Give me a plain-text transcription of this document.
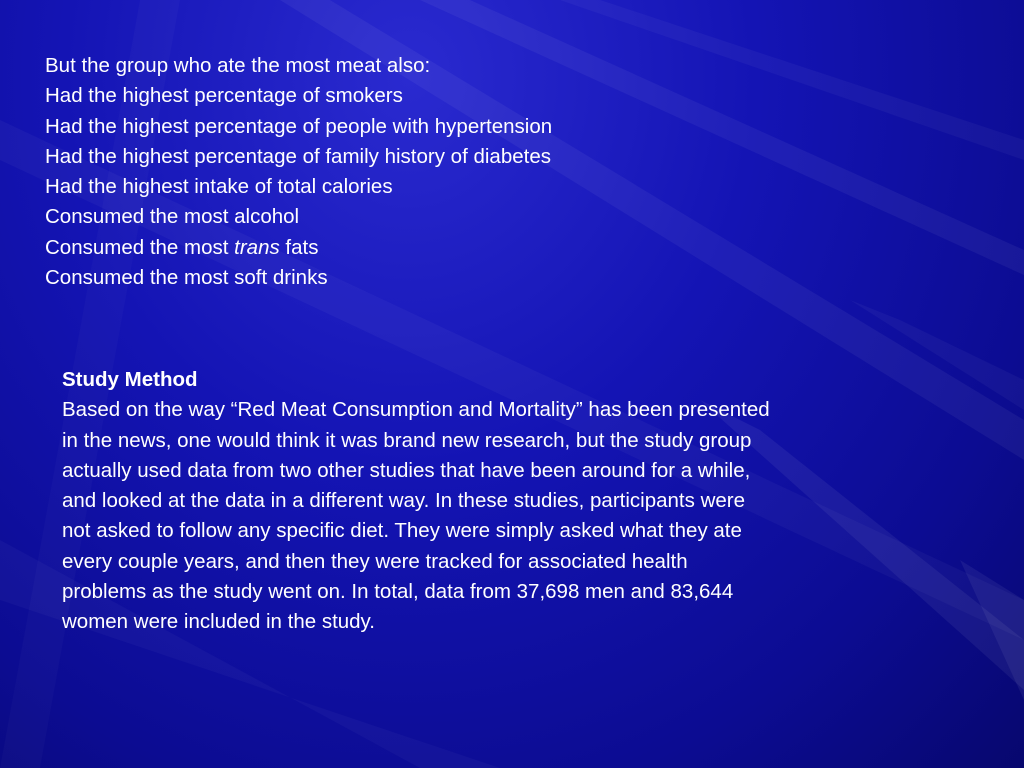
But the group who ate the most meat also:
Had the highest percentage of smokers
Had the highest percentage of people with hypertension
Had the highest percentage of family history of diabetes
Had the highest intake of total calories
Consumed the most alcohol
Consumed the most trans fats
Consumed the most soft drinks
Study Method
Based on the way “Red Meat Consumption and Mortality” has been presented
in the news, one would think it was brand new research, but the study group
actually used data from two other studies that have been around for a while,
and looked at the data in a different way. In these studies, participants were
not asked to follow any specific diet. They were simply asked what they ate
every couple years, and then they were tracked for associated health
problems as the study went on. In total, data from 37,698 men and 83,644
women were included in the study.
